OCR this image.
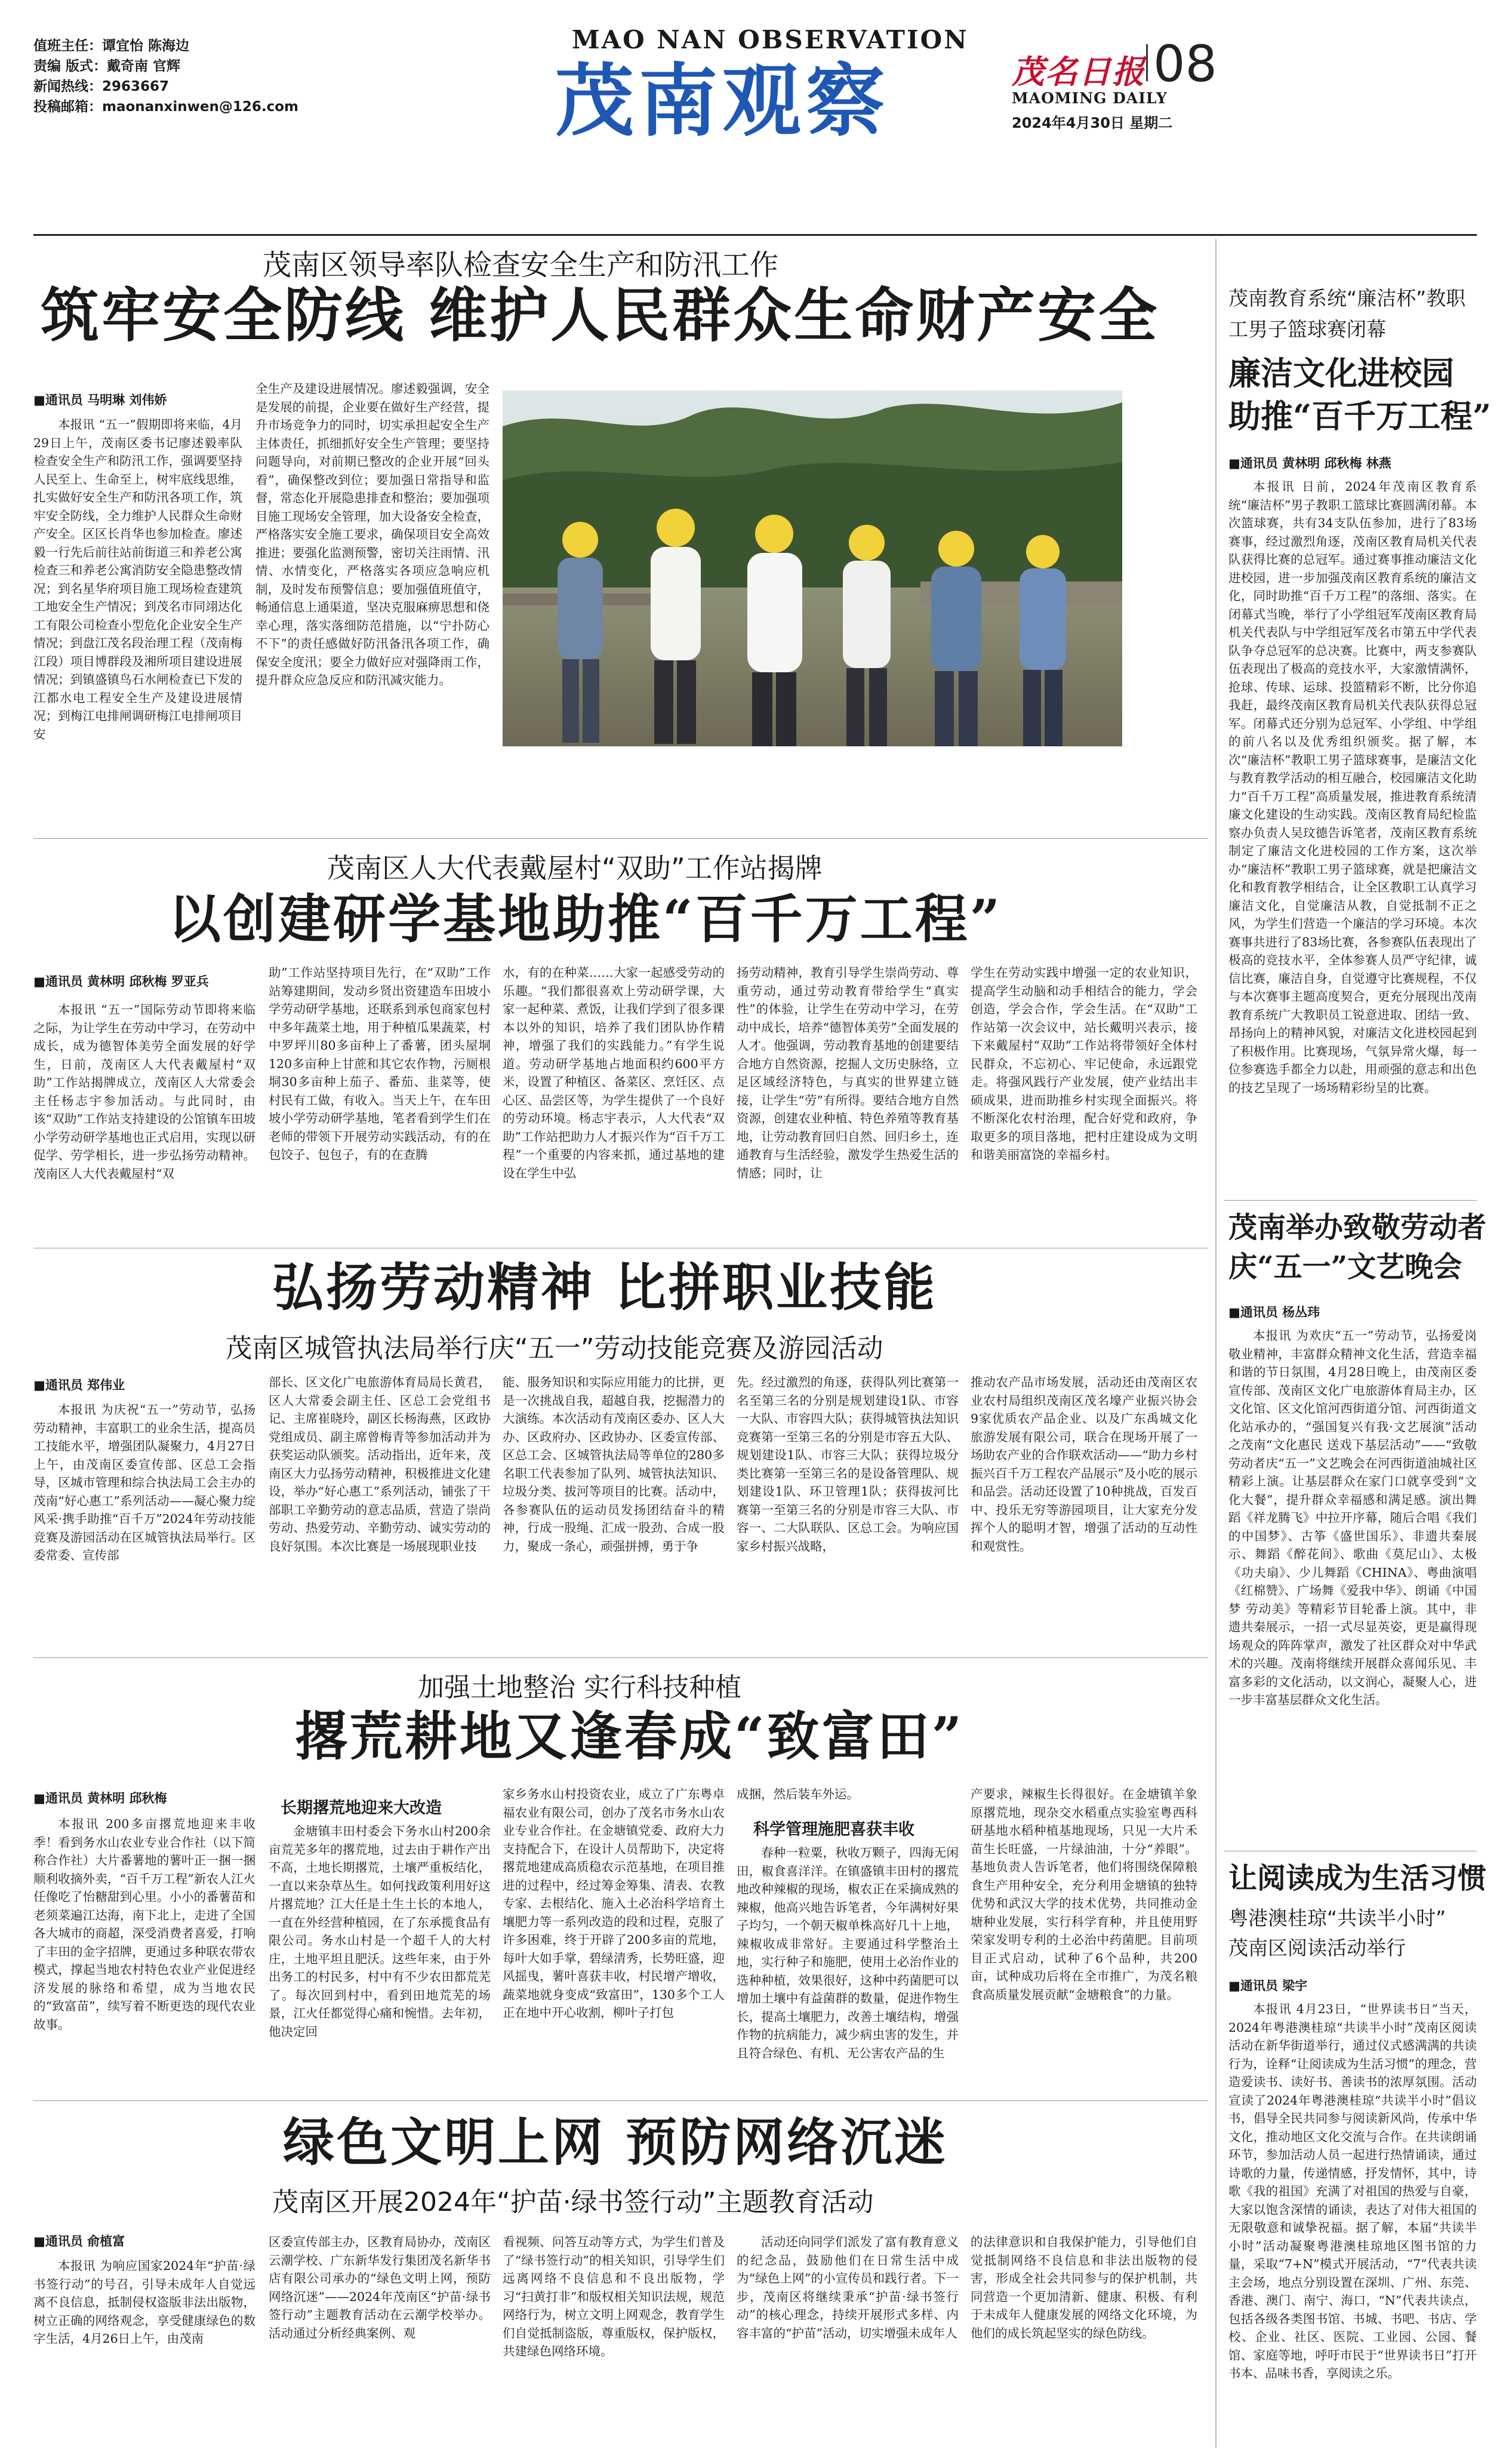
值班主任：谭宜怡 陈海边
责编 版式：戴奇南 官辉
新闻热线：2963667
投稿邮箱：maonanxinwen@126.com
MAO NAN OBSERVATION
茂南观察	茂名日报 08
MAOMING DAILY
2024年4月30日 星期二
茂南区领导率队检查安全生产和防汛工作
筑牢安全防线 维护人民群众生命财产安全
■通讯员 马明琳 刘伟娇

本报讯 “五一”假期即将来临，4月29日上午，茂南区委书记廖述毅率队检查安全生产和防汛工作，强调要坚持人民至上、生命至上，树牢底线思维，扎实做好安全生产和防汛各项工作，筑牢安全防线，全力维护人民群众生命财产安全。区区长肖华也参加检查。廖述毅一行先后前往站前街道三和养老公寓检查三和养老公寓消防安全隐患整改情况；到名星华府项目施工现场检查建筑工地安全生产情况；到茂名市同翊达化工有限公司检查小型危化企业安全生产情况；到盘江茂名段治理工程（茂南梅江段）项目博群段及湘所项目建设进展情况；到镇盛镇鸟石水闸检查已下发的江都水电工程安全生产及建设进展情况；到梅江电排闸调研梅江电排闸项目安

全生产及建设进展情况。廖述毅强调，安全是发展的前提，企业要在做好生产经营，提升市场竞争力的同时，切实承担起安全生产主体责任，抓细抓好安全生产管理；要坚持问题导向，对前期已整改的企业开展“回头看”，确保整改到位；要加强日常指导和监督，常态化开展隐患排查和整治；要加强项目施工现场安全管理，加大设备安全检查，严格落实安全施工要求，确保项目安全高效推进；要强化监测预警，密切关注雨情、汛情、水情变化，严格落实各项应急响应机制，及时发布预警信息；要加强值班值守，畅通信息上通渠道，坚决克服麻痹思想和侥幸心理，落实落细防范措施，以“宁扑防心不下”的责任感做好防汛备汛各项工作，确保安全度汛；要全力做好应对强降雨工作，提升群众应急反应和防汛减灾能力。

茂南区人大代表戴屋村“双助”工作站揭牌
以创建研学基地助推“百千万工程”
■通讯员 黄林明 邱秋梅 罗亚兵

本报讯 “五一”国际劳动节即将来临之际，为让学生在劳动中学习，在劳动中成长，成为德智体美劳全面发展的好学生，日前，茂南区人大代表戴屋村“双助”工作站揭牌成立，茂南区人大常委会主任杨志宇参加活动。与此同时，由该“双助”工作站支持建设的公馆镇车田坡小学劳动研学基地也正式启用，实现以研促学、劳学相长，进一步弘扬劳动精神。茂南区人大代表戴屋村“双

助”工作站坚持项目先行，在“双助”工作站筹建期间，发动乡贤出资建造车田坡小学劳动研学基地，还联系到承包商家包村中多年蔬菜土地，用于种植瓜果蔬菜，村中罗坪川80多亩种上了番薯，团头屋垌120多亩种上甘蔗和其它农作物，污厕根垌30多亩种上茄子、番茄、韭菜等，使村民有工做，有收入。当天上午，在车田坡小学劳动研学基地，笔者看到学生们在老师的带领下开展劳动实践活动，有的在包饺子、包包子，有的在查腾

水，有的在种菜……大家一起感受劳动的乐趣。“我们都很喜欢上劳动研学课，大家一起种菜、煮饭，让我们学到了很多课本以外的知识，培养了我们团队协作精神，增强了我们的实践能力。”有学生说道。劳动研学基地占地面积约600平方米，设置了种植区、备菜区、烹饪区、点心区、品尝区等，为学生提供了一个良好的劳动环境。杨志宇表示，人大代表“双助”工作站把助力人才振兴作为“百千万工程”一个重要的内容来抓，通过基地的建设在学生中弘

扬劳动精神，教育引导学生崇尚劳动、尊重劳动，通过劳动教育带给学生“真实性”的体验，让学生在劳动中学习，在劳动中成长，培养“德智体美劳”全面发展的人才。他强调，劳动教育基地的创建要结合地方自然资源，挖掘人文历史脉络，立足区域经济特色，与真实的世界建立链接，让学生“劳”有所得。要结合地方自然资源，创建农业种植、特色养殖等教育基地，让劳动教育回归自然、回归乡土，连通教育与生活经验，激发学生热爱生活的情感；同时，让

学生在劳动实践中增强一定的农业知识，提高学生动脑和动手相结合的能力，学会创造，学会合作，学会生活。在“双助”工作站第一次会议中，站长戴明兴表示，接下来戴屋村“双助”工作站将带领好全体村民群众，不忘初心、牢记使命，永远跟党走。将强风践行产业发展，使产业结出丰硕成果，进而助推乡村实现全面振兴。将不断深化农村治理，配合好党和政府，争取更多的项目落地，把村庄建设成为文明和谐美丽富饶的幸福乡村。

弘扬劳动精神 比拼职业技能
茂南区城管执法局举行庆“五一”劳动技能竞赛及游园活动
■通讯员 郑伟业

本报讯 为庆祝“五一”劳动节，弘扬劳动精神，丰富职工的业余生活，提高员工技能水平，增强团队凝聚力，4月27日上午，由茂南区委宣传部、区总工会指导，区城市管理和综合执法局工会主办的茂南“好心惠工”系列活动——凝心聚力绽风采·携手助推“百千万”2024年劳动技能竞赛及游园活动在区城管执法局举行。区委常委、宣传部

部长、区文化广电旅游体育局局长黄君，区人大常委会副主任、区总工会党组书记、主席崔晓玲，副区长杨海燕，区政协党组成员、副主席曾梅青等参加活动并为获奖运动队颁奖。活动指出，近年来，茂南区大力弘扬劳动精神，积极推进文化建设，举办“好心惠工”系列活动，铺张了干部职工辛勤劳动的意志品质，营造了崇尚劳动、热爱劳动、辛勤劳动、诚实劳动的良好氛围。本次比赛是一场展现职业技

能、服务知识和实际应用能力的比拼，更是一次挑战自我，超越自我，挖掘潜力的大演练。本次活动有茂南区委办、区人大办、区政府办、区政协办、区委宣传部、区总工会、区城管执法局等单位的280多名职工代表参加了队列、城管执法知识、垃圾分类、拔河等项目的比赛。活动中，各参赛队伍的运动员发扬团结奋斗的精神，行成一股绳、汇成一股劲、合成一股力，聚成一条心，顽强拼搏，勇于争

先。经过激烈的角逐，获得队列比赛第一名至第三名的分别是规划建设1队、市容一大队、市容四大队；获得城管执法知识竞赛第一至第三名的分别是市容五大队、规划建设1队、市容三大队；获得垃圾分类比赛第一至第三名的是设备管理队、规划建设1队、环卫管理1队；获得拔河比赛第一至第三名的分别是市容三大队、市容一、二大队联队、区总工会。为响应国家乡村振兴战略，

推动农产品市场发展，活动还由茂南区农业农村局组织茂南区茂名壕产业振兴协会9家优质农产品企业、以及广东禹城文化旅游发展有限公司，联合在现场开展了一场助农产业的合作联欢活动——“助力乡村振兴百千万工程农产品展示”及小吃的展示和品尝。活动还设置了10种挑战，百发百中、投乐无穷等游园项目，让大家充分发挥个人的聪明才智，增强了活动的互动性和观赏性。

加强土地整治 实行科技种植
撂荒耕地又逢春成“致富田”
■通讯员 黄林明 邱秋梅

本报讯 200多亩撂荒地迎来丰收季！看到务水山农业专业合作社（以下简称合作社）大片番薯地的薯叶正一捆一捆顺利收摘外卖，“百千万工程”新农人江火任像吃了怡糖甜到心里。小小的番薯苗和老须菜遍江达海，南下北上，走进了全国各大城市的商超，深受消费者喜爱，打响了丰田的金字招牌，更通过多种联农带农模式，撑起当地农村特色农业产业促进经济发展的脉络和希望，成为当地农民的“致富苗”，续写着不断更迭的现代农业故事。

长期撂荒地迎来大改造

金塘镇丰田村委会下务水山村200余亩荒芜多年的撂荒地，过去由于耕作产出不高，土地长期撂荒，土壤严重板结化，一直以来杂草丛生。如何找政策利用好这片撂荒地？江大任是土生土长的本地人，一直在外经营种植园，在了东承揽食品有限公司。务水山村是一个超千人的大村庄，土地平坦且肥沃。这些年来，由于外出务工的村民多，村中有不少农田都荒芜了。每次回到村中，看到田地荒芜的场景，江火任都觉得心痛和惋惜。去年初，他决定回

家乡务水山村投资农业，成立了广东粤卓福农业有限公司，创办了茂名市务水山农业专业合作社。在金塘镇党委、政府大力支持配合下，在设计人员帮助下，决定将撂荒地建成高质稳农示范基地，在项目推进的过程中，经过筹金筹集、清表、农教专家、去根结化、施入土必治科学培育土壤肥力等一系列改造的段和过程，克服了许多困难，终于开辟了200多亩的荒地，每叶大如手掌，碧绿清秀，长势旺盛，迎风摇曳，薯叶喜获丰收，村民增产增收，蔬菜地就身变成“致富田”，130多个工人正在地中开心收割，柳叶子打包

成捆，然后装车外运。

科学管理施肥喜获丰收

春种一粒粟，秋收万颗子，四海无闲田，椒食喜洋洋。在镇盛镇丰田村的撂荒地改种辣椒的现场，椒农正在采摘成熟的辣椒，他高兴地告诉笔者，今年满树好果子均匀，一个朝天椒单株高好几十上地，辣椒收成非常好。主要通过科学整治土地，实行种子和施肥，使用土必治作业的选种种植，效果很好，这种中药菌肥可以增加土壤中有益菌群的数量，促进作物生长，提高土壤肥力，改善土壤结构，增强作物的抗病能力，减少病虫害的发生，并且符合绿色、有机、无公害农产品的生

产要求，辣椒生长得很好。在金塘镇羊象原撂荒地，现杂交水稻重点实验室粤西科研基地水稻种植基地现场，只见一大片禾苗生长旺盛，一片绿油油，十分“养眼”。基地负责人告诉笔者，他们将围绕保障粮食生产用种安全，充分利用金塘镇的独特优势和武汉大学的技术优势，共同推动金塘种业发展，实行科学育种，并且使用野荣家发明专利的土必治中药菌肥。目前项目正式启动，试种了6个品种，共200亩，试种成功后将在全市推广，为茂名粮食高质量发展贡献“金塘粮食”的力量。

绿色文明上网 预防网络沉迷
茂南区开展2024年“护苗·绿书签行动”主题教育活动
■通讯员 俞植富

本报讯 为响应国家2024年“护苗·绿书签行动”的号召，引导未成年人自觉远离不良信息，抵制侵权盗版非法出版物，树立正确的网络观念，享受健康绿色的数字生活，4月26日上午，由茂南

区委宣传部主办，区教育局协办，茂南区云潮学校、广东新华发行集团茂名新华书店有限公司承办的“绿色文明上网，预防网络沉迷”——2024年茂南区“护苗·绿书签行动”主题教育活动在云潮学校举办。活动通过分析经典案例、观

看视频、问答互动等方式，为学生们普及了“绿书签行动”的相关知识，引导学生们远离网络不良信息和不良出版物，学习“扫黄打非”和版权相关知识法规，规范网络行为，树立文明上网观念，教育学生们自觉抵制盗版，尊重版权，保护版权，共建绿色网络环境。

活动还向同学们派发了富有教育意义的纪念品，鼓励他们在日常生活中成为“绿色上网”的小宣传员和践行者。下一步，茂南区将继续秉承“护苗·绿书签行动”的核心理念，持续开展形式多样、内容丰富的“护苗”活动，切实增强未成年人

的法律意识和自我保护能力，引导他们自觉抵制网络不良信息和非法出版物的侵害，形成全社会共同参与的保护机制，共同营造一个更加清新、健康、积极、有利于未成年人健康发展的网络文化环境，为他们的成长筑起坚实的绿色防线。

茂南教育系统“廉洁杯”教职工男子篮球赛闭幕
廉洁文化进校园
助推“百千万工程”
■通讯员 黄林明 邱秋梅 林燕

本报讯 日前，2024年茂南区教育系统“廉洁杯”男子教职工篮球比赛圆满闭幕。本次篮球赛，共有34支队伍参加，进行了83场赛事，经过激烈角逐，茂南区教育局机关代表队获得比赛的总冠军。通过赛事推动廉洁文化进校园，进一步加强茂南区教育系统的廉洁文化，同时助推“百千万工程”的落细、落实。在闭幕式当晚，举行了小学组冠军茂南区教育局机关代表队与中学组冠军茂名市第五中学代表队争夺总冠军的总决赛。比赛中，两支参赛队伍表现出了极高的竞技水平，大家激情满怀，抢球、传球、运球、投篮精彩不断，比分你追我赶，最终茂南区教育局机关代表队获得总冠军。闭幕式还分别为总冠军、小学组、中学组的前八名以及优秀组织颁奖。据了解，本次“廉洁杯”教职工男子篮球赛事，是廉洁文化与教育教学活动的相互融合，校园廉洁文化助力“百千万工程”高质量发展，推进教育系统清廉文化建设的生动实践。茂南区教育局纪检监察办负责人吴玟德告诉笔者，茂南区教育系统制定了廉洁文化进校园的工作方案，这次举办“廉洁杯”教职工男子篮球赛，就是把廉洁文化和教育教学相结合，让全区教职工认真学习廉洁文化，自觉廉洁从教，自觉抵制不正之风，为学生们营造一个廉洁的学习环境。本次赛事共进行了83场比赛，各参赛队伍表现出了极高的竞技水平，全体参赛人员严守纪律，诚信比赛，廉洁自身，自觉遵守比赛规程，不仅与本次赛事主题高度契合，更充分展现出茂南教育系统广大教职员工锐意进取、团结一致、昂扬向上的精神风貌，对廉洁文化进校园起到了积极作用。比赛现场，气氛异常火爆，每一位参赛选手都全力以赴，用顽强的意志和出色的技艺呈现了一场场精彩纷呈的比赛。

茂南举办致敬劳动者
庆“五一”文艺晚会
■通讯员 杨丛玮

本报讯 为欢庆“五一”劳动节，弘扬爱岗敬业精神，丰富群众精神文化生活，营造幸福和谐的节日氛围，4月28日晚上，由茂南区委宣传部、茂南区文化广电旅游体育局主办，区文化馆、区文化馆河西街道分馆、河西街道文化站承办的，“强国复兴有我·文艺展演”活动之茂南“文化惠民 送戏下基层活动”——“致敬劳动者庆“五一”文艺晚会在河西街道油城社区精彩上演。让基层群众在家门口就享受到“文化大餐”，提升群众幸福感和满足感。演出舞蹈《祥龙腾飞》中拉开序幕，随后合唱《我们的中国梦》、古筝《盛世国乐》、非遗共秦展示、舞蹈《醉花间》、歌曲《莫尼山》、太极《功夫扇》、少儿舞蹈《CHINA》、粤曲演唱《红棉赞》、广场舞《爱我中华》、朗诵《中国梦 劳动美》等精彩节目轮番上演。其中，非遗共秦展示，一招一式尽显英姿，更是赢得现场观众的阵阵掌声，激发了社区群众对中华武术的兴趣。茂南将继续开展群众喜闻乐见、丰富多彩的文化活动，以文润心，凝聚人心，进一步丰富基层群众文化生活。

让阅读成为生活习惯
粤港澳桂琼“共读半小时”
茂南区阅读活动举行
■通讯员 梁宇

本报讯 4月23日，“世界读书日”当天，2024年粤港澳桂琼“共读半小时”茂南区阅读活动在新华街道举行，通过仪式感满满的共读行为，诠释“让阅读成为生活习惯”的理念，营造爱读书、读好书、善读书的浓厚氛围。活动宣读了2024年粤港澳桂琼“共读半小时”倡议书，倡导全民共同参与阅读新风尚，传承中华文化，推动地区文化交流与合作。在共读朗诵环节，参加活动人员一起进行热情诵读，通过诗歌的力量，传递情感，抒发情怀，其中，诗歌《我的祖国》充满了对祖国的热爱与自豪，大家以饱含深情的诵读，表达了对伟大祖国的无限敬意和诚挚祝福。据了解，本届“共读半小时”活动凝聚粤港澳桂琼地区图书馆的力量，采取“7+N”模式开展活动，“7”代表共读主会场，地点分别设置在深圳、广州、东莞、香港、澳门、南宁、海口，“N”代表共读点，包括各级各类图书馆、书城、书吧、书店、学校、企业、社区、医院、工业园、公园、餐馆、家庭等地，呼吁市民于“世界读书日”打开书本、品味书香，享阅读之乐。
